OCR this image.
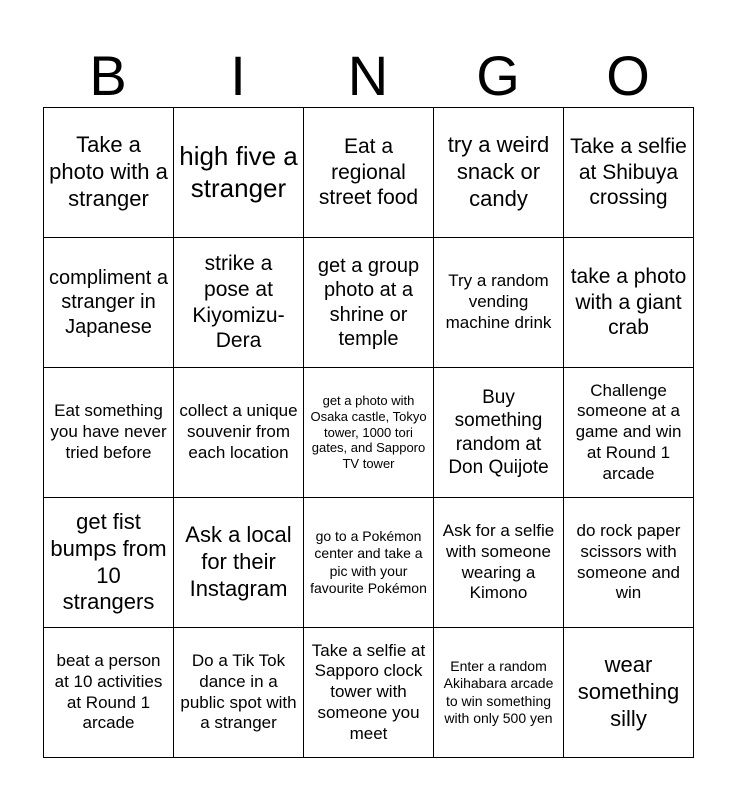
B	I	N	G	O
Take a photo with a stranger	high five a stranger	Eat a regional street food	try a weird snack or candy	Take a selfie at Shibuya crossing
compliment a stranger in Japanese	strike a pose at Kiyomizu-Dera	get a group photo at a shrine or temple	Try a random vending machine drink	take a photo with a giant crab
Eat something you have never tried before	collect a unique souvenir from each location	get a photo with Osaka castle, Tokyo tower, 1000 tori gates, and Sapporo TV tower	Buy something random at Don Quijote	Challenge someone at a game and win at Round 1 arcade
get fist bumps from 10 strangers	Ask a local for their Instagram	go to a Pokémon center and take a pic with your favourite Pokémon	Ask for a selfie with someone wearing a Kimono	do rock paper scissors with someone and win
beat a person at 10 activities at Round 1 arcade	Do a Tik Tok dance in a public spot with a stranger	Take a selfie at Sapporo clock tower with someone you meet	Enter a random Akihabara arcade to win something with only 500 yen	wear something silly
